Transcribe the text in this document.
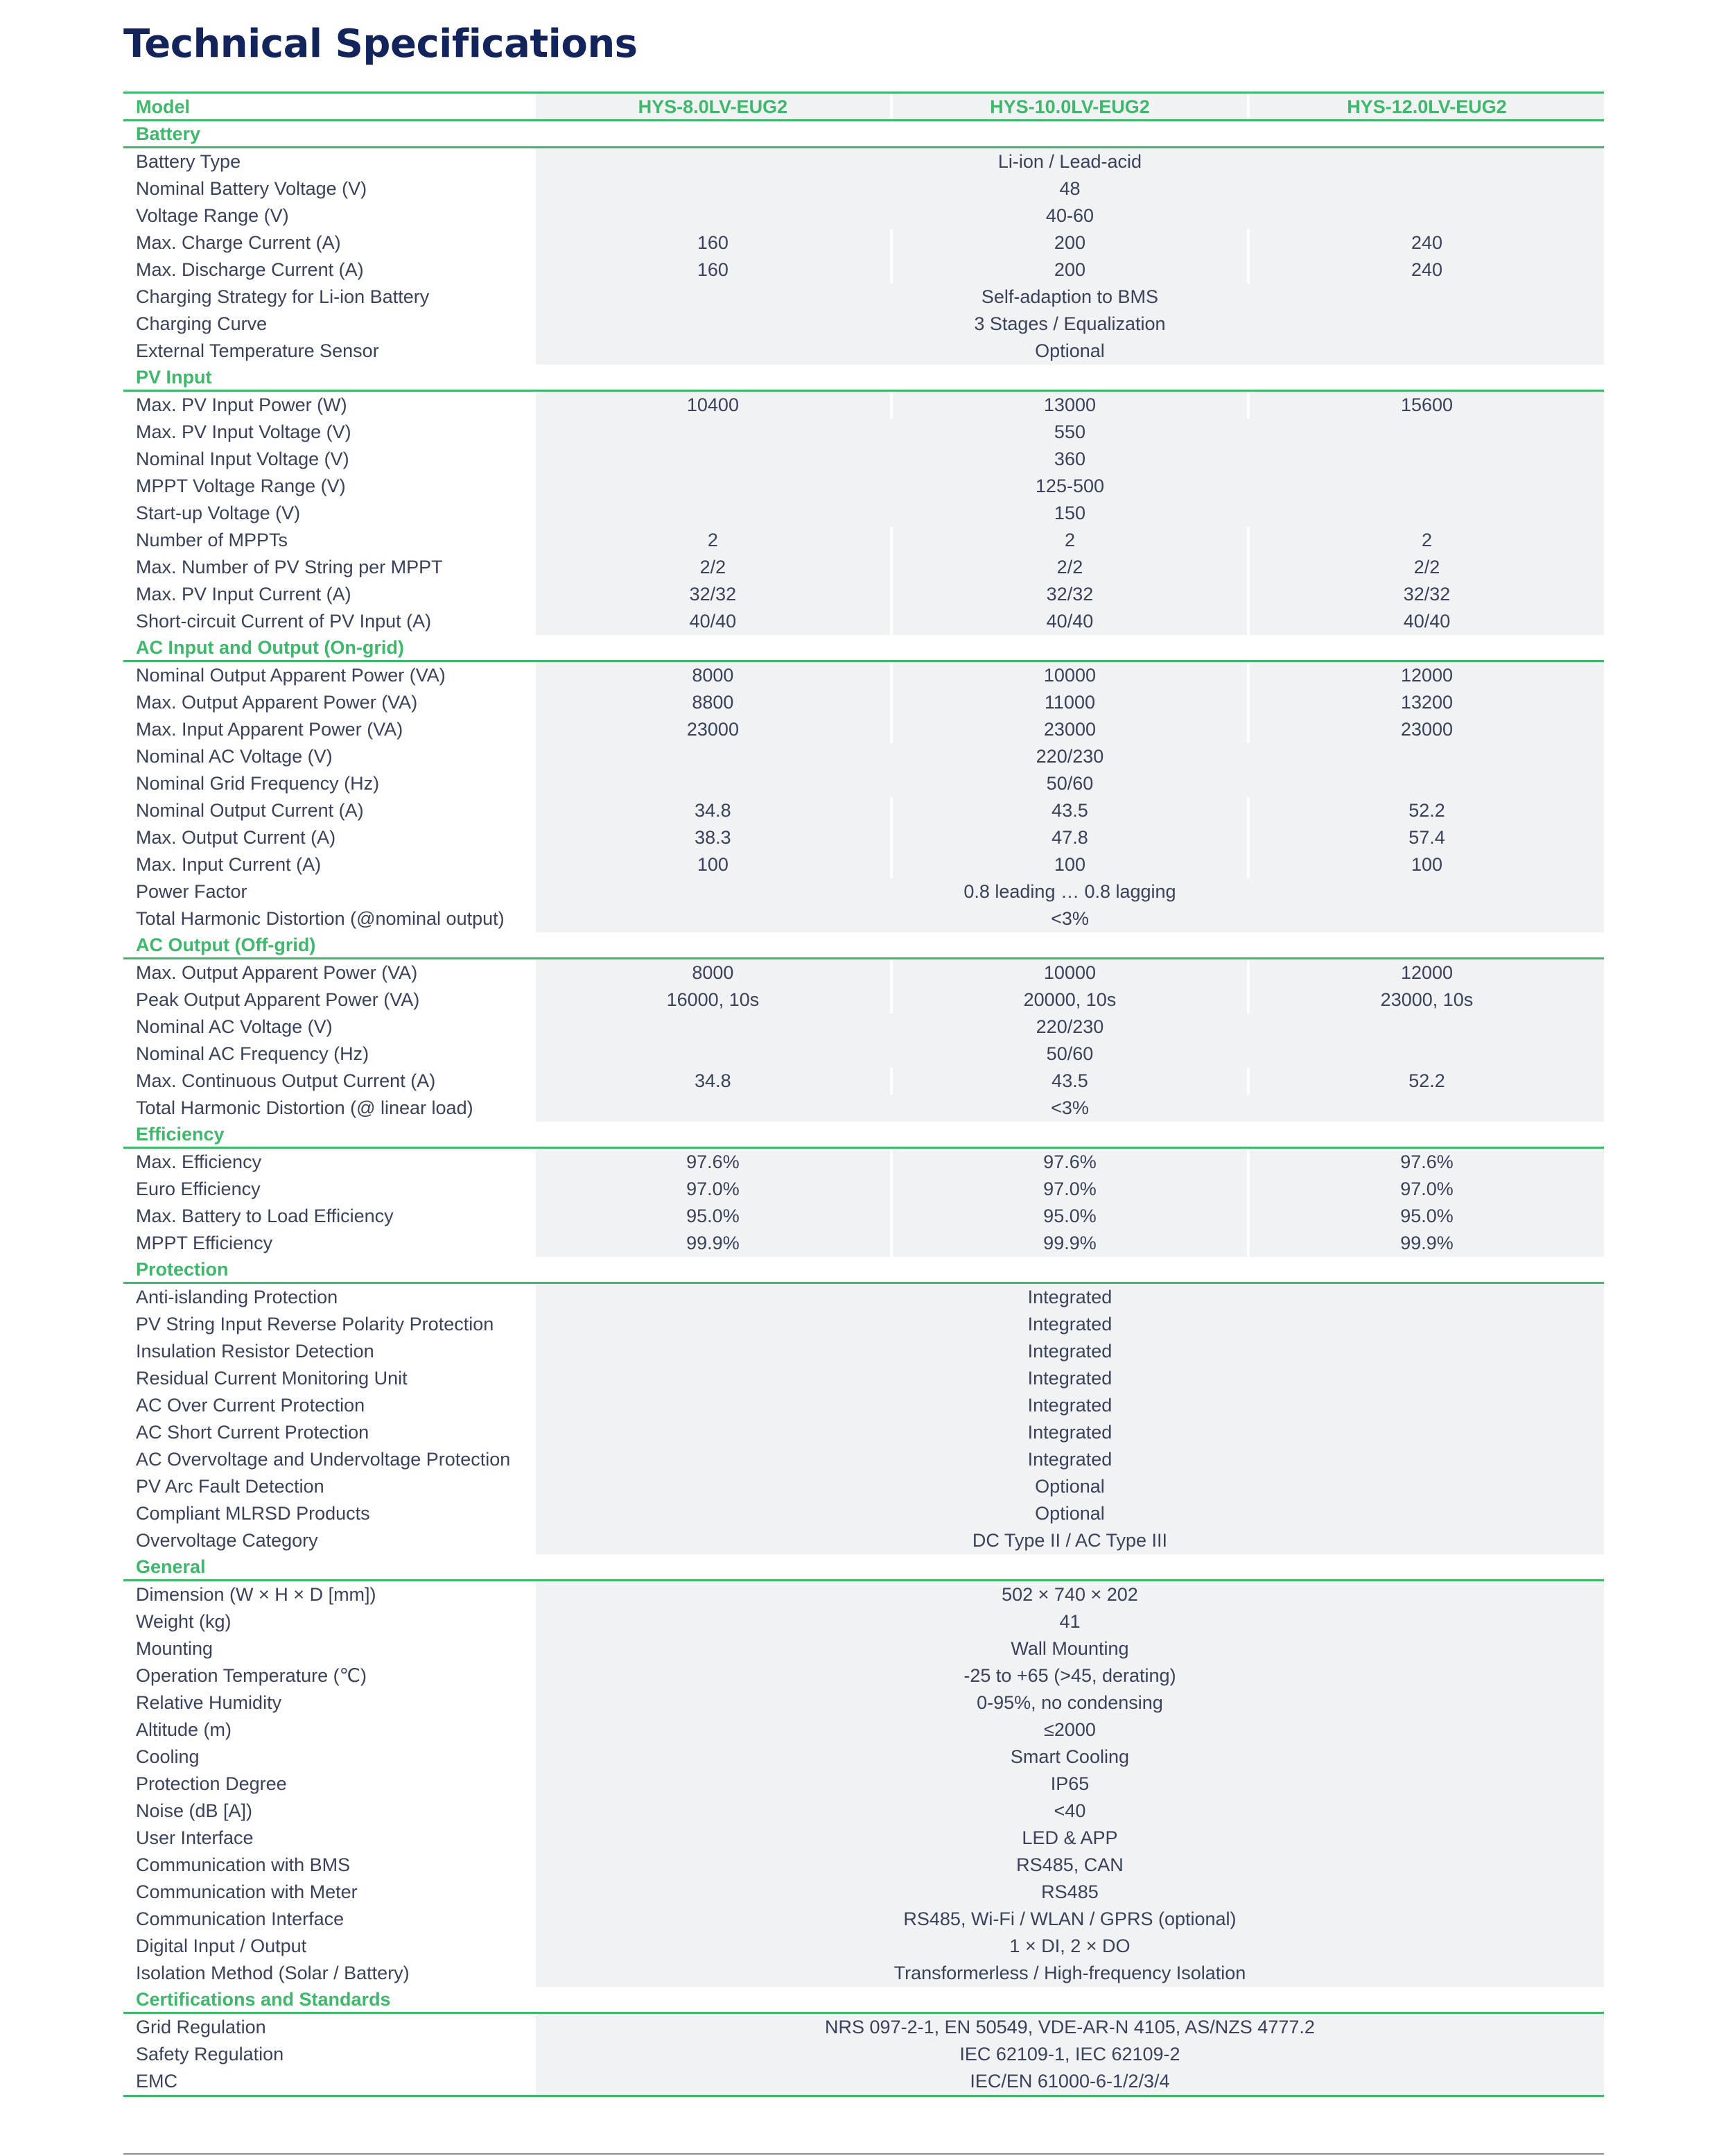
Technical Specifications
Model	HYS-8.0LV-EUG2	HYS-10.0LV-EUG2	HYS-12.0LV-EUG2
Battery
Battery Type	Li-ion / Lead-acid
Nominal Battery Voltage (V)	48
Voltage Range (V)	40-60
Max. Charge Current (A)	160	200	240
Max. Discharge Current (A)	160	200	240
Charging Strategy for Li-ion Battery	Self-adaption to BMS
Charging Curve	3 Stages / Equalization
External Temperature Sensor	Optional
PV Input
Max. PV Input Power (W)	10400	13000	15600
Max. PV Input Voltage (V)	550
Nominal Input Voltage (V)	360
MPPT Voltage Range (V)	125-500
Start-up Voltage (V)	150
Number of MPPTs	2	2	2
Max. Number of PV String per MPPT	2/2	2/2	2/2
Max. PV Input Current (A)	32/32	32/32	32/32
Short-circuit Current of PV Input (A)	40/40	40/40	40/40
AC Input and Output (On-grid)
Nominal Output Apparent Power (VA)	8000	10000	12000
Max. Output Apparent Power (VA)	8800	11000	13200
Max. Input Apparent Power (VA)	23000	23000	23000
Nominal AC Voltage (V)	220/230
Nominal Grid Frequency (Hz)	50/60
Nominal Output Current (A)	34.8	43.5	52.2
Max. Output Current (A)	38.3	47.8	57.4
Max. Input Current (A)	100	100	100
Power Factor	0.8 leading … 0.8 lagging
Total Harmonic Distortion (@nominal output)	<3%
AC Output (Off-grid)
Max. Output Apparent Power (VA)	8000	10000	12000
Peak Output Apparent Power (VA)	16000, 10s	20000, 10s	23000, 10s
Nominal AC Voltage (V)	220/230
Nominal AC Frequency (Hz)	50/60
Max. Continuous Output Current (A)	34.8	43.5	52.2
Total Harmonic Distortion (@ linear load)	<3%
Efficiency
Max. Efficiency	97.6%	97.6%	97.6%
Euro Efficiency	97.0%	97.0%	97.0%
Max. Battery to Load Efficiency	95.0%	95.0%	95.0%
MPPT Efficiency	99.9%	99.9%	99.9%
Protection
Anti-islanding Protection	Integrated
PV String Input Reverse Polarity Protection	Integrated
Insulation Resistor Detection	Integrated
Residual Current Monitoring Unit	Integrated
AC Over Current Protection	Integrated
AC Short Current Protection	Integrated
AC Overvoltage and Undervoltage Protection	Integrated
PV Arc Fault Detection	Optional
Compliant MLRSD Products	Optional
Overvoltage Category	DC Type II / AC Type III
General
Dimension (W × H × D [mm])	502 × 740 × 202
Weight (kg)	41
Mounting	Wall Mounting
Operation Temperature (℃)	-25 to +65 (>45, derating)
Relative Humidity	0-95%, no condensing
Altitude (m)	≤2000
Cooling	Smart Cooling
Protection Degree	IP65
Noise (dB [A])	<40
User Interface	LED & APP
Communication with BMS	RS485, CAN
Communication with Meter	RS485
Communication Interface	RS485, Wi-Fi / WLAN / GPRS (optional)
Digital Input / Output	1 × DI, 2 × DO
Isolation Method (Solar / Battery)	Transformerless / High-frequency Isolation
Certifications and Standards
Grid Regulation	NRS 097-2-1, EN 50549, VDE-AR-N 4105, AS/NZS 4777.2
Safety Regulation	IEC 62109-1, IEC 62109-2
EMC	IEC/EN 61000-6-1/2/3/4
